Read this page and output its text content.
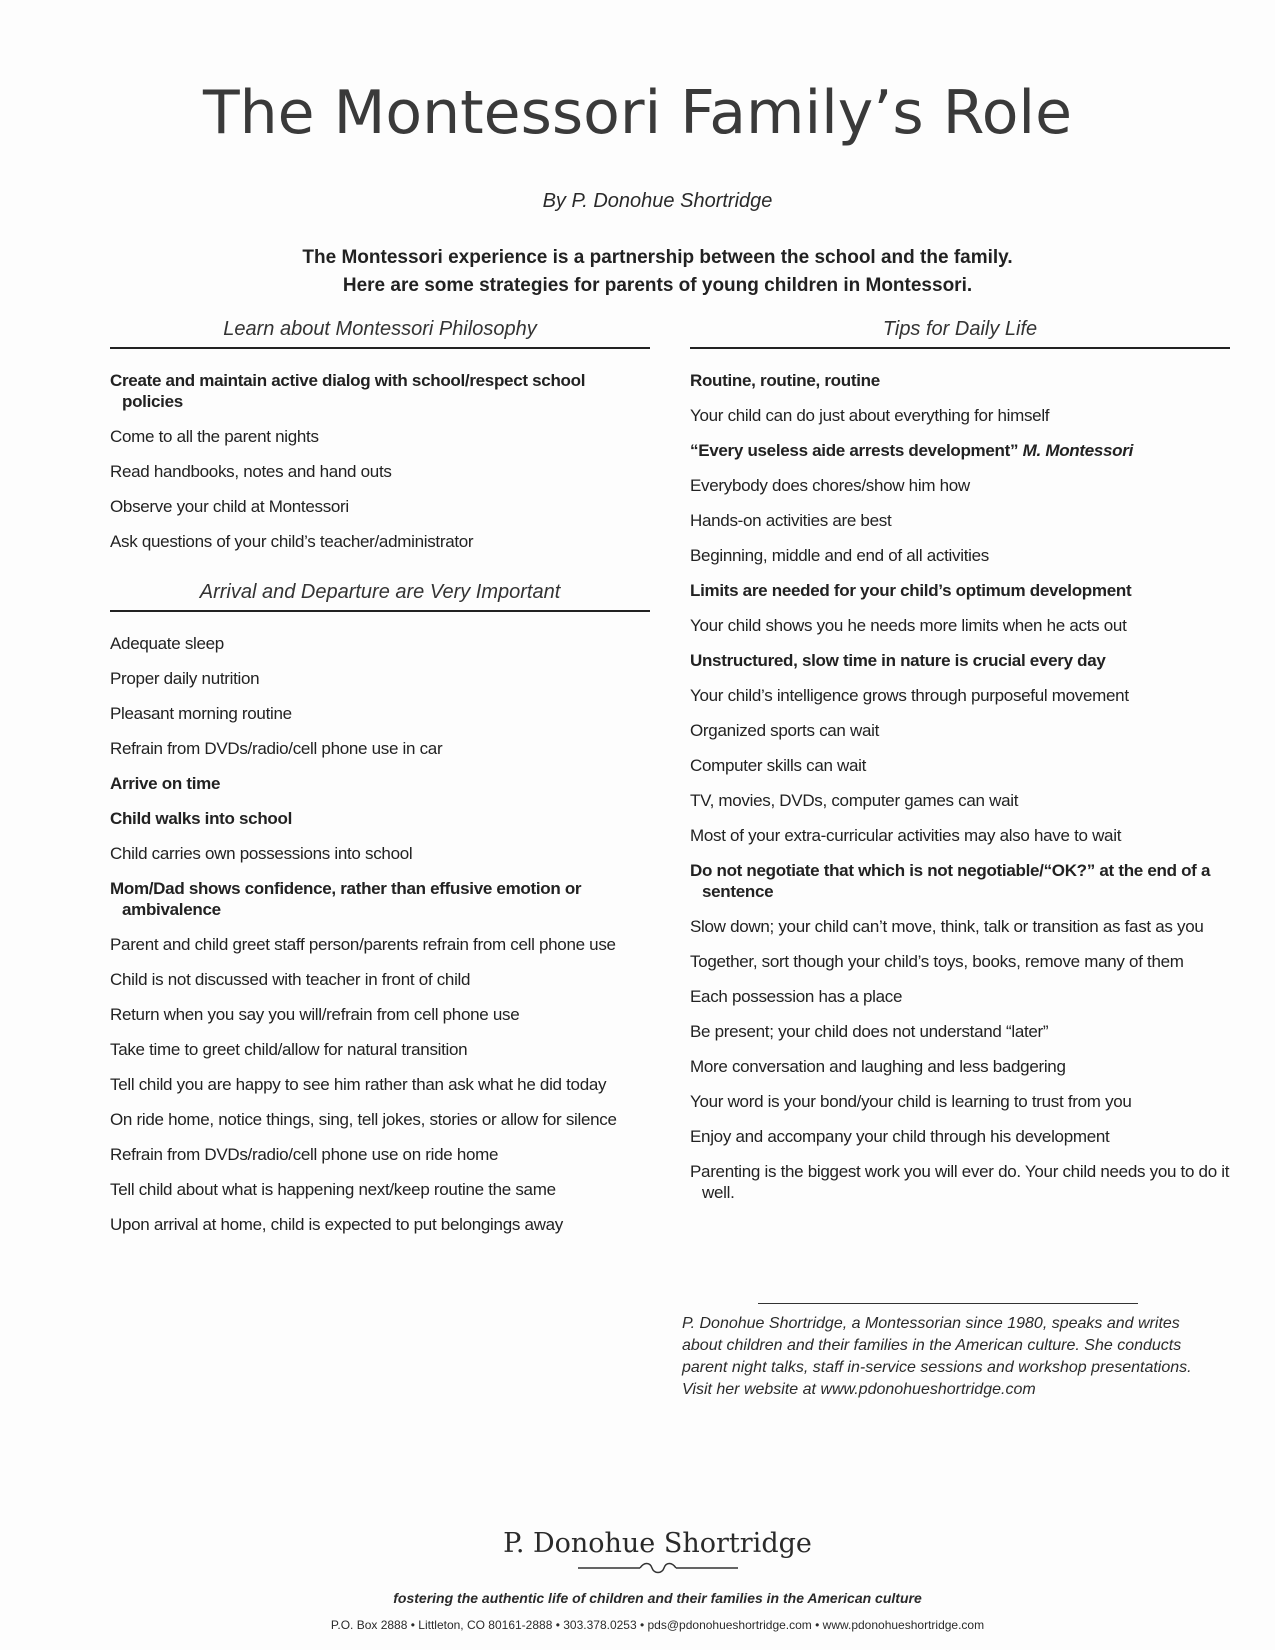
The Montessori Family’s Role
By P. Donohue Shortridge
The Montessori experience is a partnership between the school and the family.
Here are some strategies for parents of young children in Montessori.
Learn about Montessori Philosophy
Create and maintain active dialog with school/respect school policies
Come to all the parent nights
Read handbooks, notes and hand outs
Observe your child at Montessori
Ask questions of your child’s teacher/administrator
Arrival and Departure are Very Important
Adequate sleep
Proper daily nutrition
Pleasant morning routine
Refrain from DVDs/radio/cell phone use in car
Arrive on time
Child walks into school
Child carries own possessions into school
Mom/Dad shows confidence, rather than effusive emotion or ambivalence
Parent and child greet staff person/parents refrain from cell phone use
Child is not discussed with teacher in front of child
Return when you say you will/refrain from cell phone use
Take time to greet child/allow for natural transition
Tell child you are happy to see him rather than ask what he did today
On ride home, notice things, sing, tell jokes, stories or allow for silence
Refrain from DVDs/radio/cell phone use on ride home
Tell child about what is happening next/keep routine the same
Upon arrival at home, child is expected to put belongings away
Tips for Daily Life
Routine, routine, routine
Your child can do just about everything for himself
“Every useless aide arrests development” M. Montessori
Everybody does chores/show him how
Hands-on activities are best
Beginning, middle and end of all activities
Limits are needed for your child’s optimum development
Your child shows you he needs more limits when he acts out
Unstructured, slow time in nature is crucial every day
Your child’s intelligence grows through purposeful movement
Organized sports can wait
Computer skills can wait
TV, movies, DVDs, computer games can wait
Most of your extra-curricular activities may also have to wait
Do not negotiate that which is not negotiable/“OK?” at the end of a sentence
Slow down; your child can’t move, think, talk or transition as fast as you
Together, sort though your child’s toys, books, remove many of them
Each possession has a place
Be present; your child does not understand “later”
More conversation and laughing and less badgering
Your word is your bond/your child is learning to trust from you
Enjoy and accompany your child through his development
Parenting is the biggest work you will ever do. Your child needs you to do it well.
P. Donohue Shortridge, a Montessorian since 1980, speaks and writes about children and their families in the American culture. She conducts parent night talks, staff in-service sessions and workshop presentations. Visit her website at www.pdonohueshortridge.com
P. Donohue Shortridge
fostering the authentic life of children and their families in the American culture
P.O. Box 2888 • Littleton, CO 80161-2888 • 303.378.0253 • pds@pdonohueshortridge.com • www.pdonohueshortridge.com
